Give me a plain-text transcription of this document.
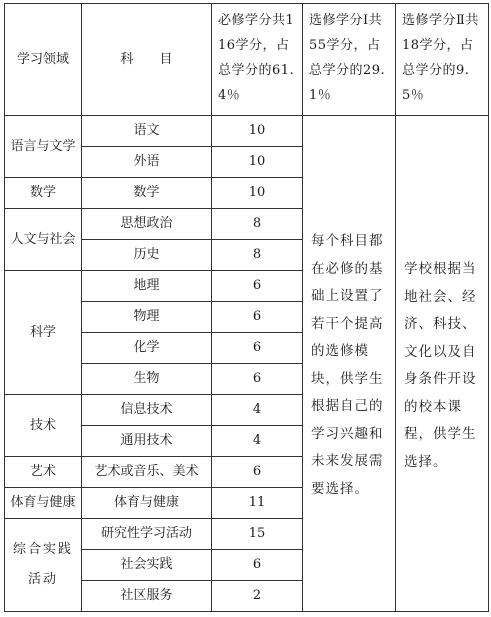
学习领域	科　　目	必修学分共116学分，占总学分的61.4％	选修学分Ⅰ共55学分，占总学分的29.1％	选修学分Ⅱ共18学分，占总学分的9.5％
语言与文学	语文	10	每个科目都在必修的基础上设置了若干个提高的选修模块，供学生根据自己的学习兴趣和未来发展需要选择。	学校根据当地社会、经济、科技、文化以及自身条件开设的校本课程，供学生选择。
	外语	10		
数学	数学	10		
人文与社会	思想政治	8		
	历史	8		
科学	地理	6		
	物理	6		
	化学	6		
	生物	6		
技术	信息技术	4		
	通用技术	4		
艺术	艺术或音乐、美术	6		
体育与健康	体育与健康	11		

综合实践活动	研究性学习活动	15		
	社会实践	6		
	社区服务	2		
